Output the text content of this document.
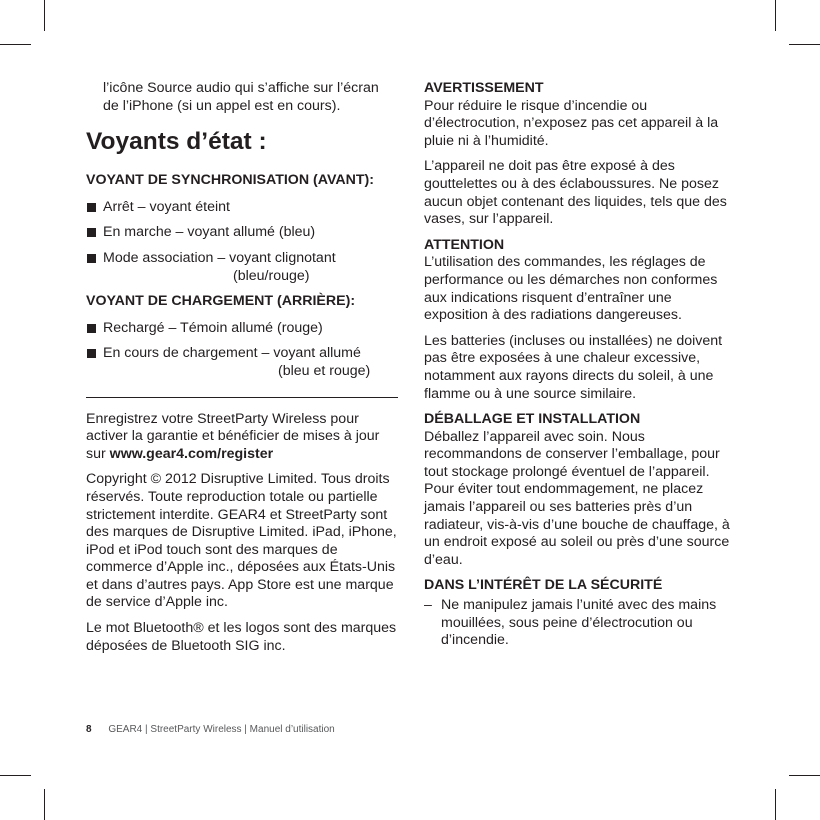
l’icône Source audio qui s’affiche sur l’écran de l’iPhone (si un appel est en cours).

Voyants d’état :
VOYANT DE SYNCHRONISATION (AVANT):
Arrêt – voyant éteint
En marche – voyant allumé (bleu)
Mode association – voyant clignotant
(bleu/rouge)
VOYANT DE CHARGEMENT (ARRIÈRE):
Rechargé – Témoin allumé (rouge)
En cours de chargement – voyant allumé
(bleu et rouge)

Enregistrez votre StreetParty Wireless pour activer la garantie et bénéficier de mises à jour sur www.gear4.com/register

Copyright © 2012 Disruptive Limited. Tous droits réservés. Toute reproduction totale ou partielle strictement interdite. GEAR4 et StreetParty sont des marques de Disruptive Limited. iPad, iPhone, iPod et iPod touch sont des marques de commerce d’Apple inc., déposées aux États-Unis et dans d’autres pays. App Store est une marque de service d’Apple inc.

Le mot Bluetooth® et les logos sont des marques déposées de Bluetooth SIG inc.

AVERTISSEMENT

Pour réduire le risque d’incendie ou d’électrocution, n’exposez pas cet appareil à la pluie ni à l’humidité.

L’appareil ne doit pas être exposé à des gouttelettes ou à des éclaboussures. Ne posez aucun objet contenant des liquides, tels que des vases, sur l’appareil.

ATTENTION

L’utilisation des commandes, les réglages de performance ou les démarches non conformes aux indications risquent d’entraîner une exposition à des radiations dangereuses.

Les batteries (incluses ou installées) ne doivent pas être exposées à une chaleur excessive, notamment aux rayons directs du soleil, à une flamme ou à une source similaire.

DÉBALLAGE ET INSTALLATION

Déballez l’appareil avec soin. Nous recommandons de conserver l’emballage, pour tout stockage prolongé éventuel de l’appareil. Pour éviter tout endommagement, ne placez jamais l’appareil ou ses batteries près d’un radiateur, vis-à-vis d’une bouche de chauffage, à un endroit exposé au soleil ou près d’une source d’eau.

DANS L’INTÉRÊT DE LA SÉCURITÉ
– Ne manipulez jamais l’unité avec des mains mouillées, sous peine d’électrocution ou d’incendie.
8 GEAR4 | StreetParty Wireless | Manuel d’utilisation
